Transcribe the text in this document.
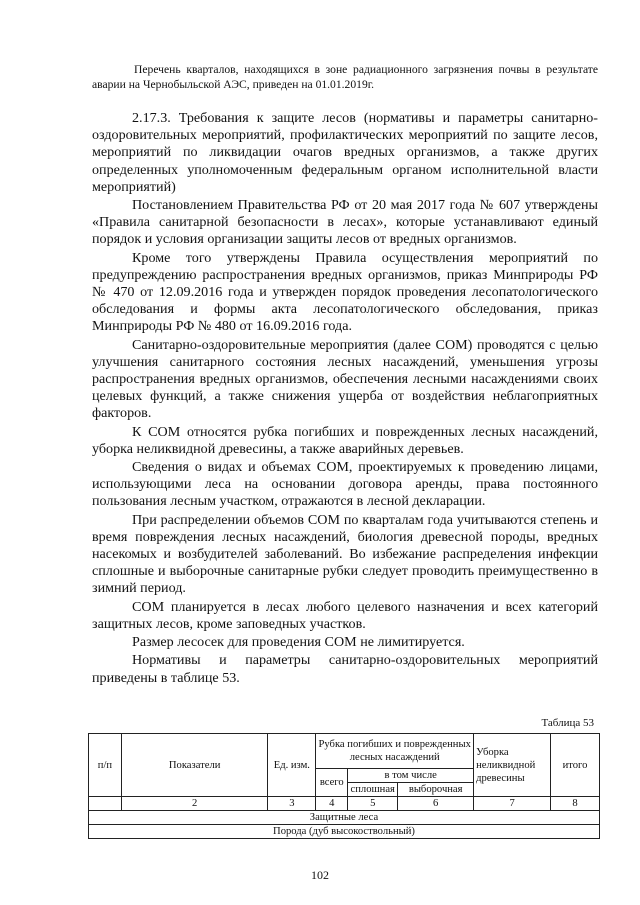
Перечень кварталов, находящихся в зоне радиационного загрязнения почвы в результате аварии на Чернобыльской АЭС, приведен на 01.01.2019г.

2.17.3. Требования к защите лесов (нормативы и параметры санитарно-оздоровительных мероприятий, профилактических мероприятий по защите лесов, мероприятий по ликвидации очагов вредных организмов, а также других определенных уполномоченным федеральным органом исполнительной власти мероприятий)

Постановлением Правительства РФ от 20 мая 2017 года № 607 утверждены «Правила санитарной безопасности в лесах», которые устанавливают единый порядок и условия организации защиты лесов от вредных организмов.

Кроме того утверждены Правила осуществления мероприятий по предупреждению распространения вредных организмов, приказ Минприроды РФ № 470 от 12.09.2016 года и утвержден порядок проведения лесопатологического обследования и формы акта лесопатологического обследования, приказ Минприроды РФ № 480 от 16.09.2016 года.

Санитарно-оздоровительные мероприятия (далее СОМ) проводятся с целью улучшения санитарного состояния лесных насаждений, уменьшения угрозы распространения вредных организмов, обеспечения лесными насаждениями своих целевых функций, а также снижения ущерба от воздействия неблагоприятных факторов.

К СОМ относятся рубка погибших и поврежденных лесных насаждений, уборка неликвидной древесины, а также аварийных деревьев.

Сведения о видах и объемах СОМ, проектируемых к проведению лицами, использующими леса на основании договора аренды, права постоянного пользования лесным участком, отражаются в лесной декларации.

При распределении объемов СОМ по кварталам года учитываются степень и время повреждения лесных насаждений, биология древесной породы, вредных насекомых и возбудителей заболеваний. Во избежание распределения инфекции сплошные и выборочные санитарные рубки следует проводить преимущественно в зимний период.

СОМ планируется в лесах любого целевого назначения и всех категорий защитных лесов, кроме заповедных участков.

Размер лесосек для проведения СОМ не лимитируется.

Нормативы и параметры санитарно-оздоровительных мероприятий приведены в таблице 53.

Таблица 53
п/п	Показатели	Ед. изм.	Рубка погибших и поврежденных лесных насаждений			Уборка неликвидной древесины	итого
			всего	в том числе			
				сплошная	выборочная		
	2	3	4	5	6	7	8
Защитные леса							
Порода (дуб высокоствольный)							
102
